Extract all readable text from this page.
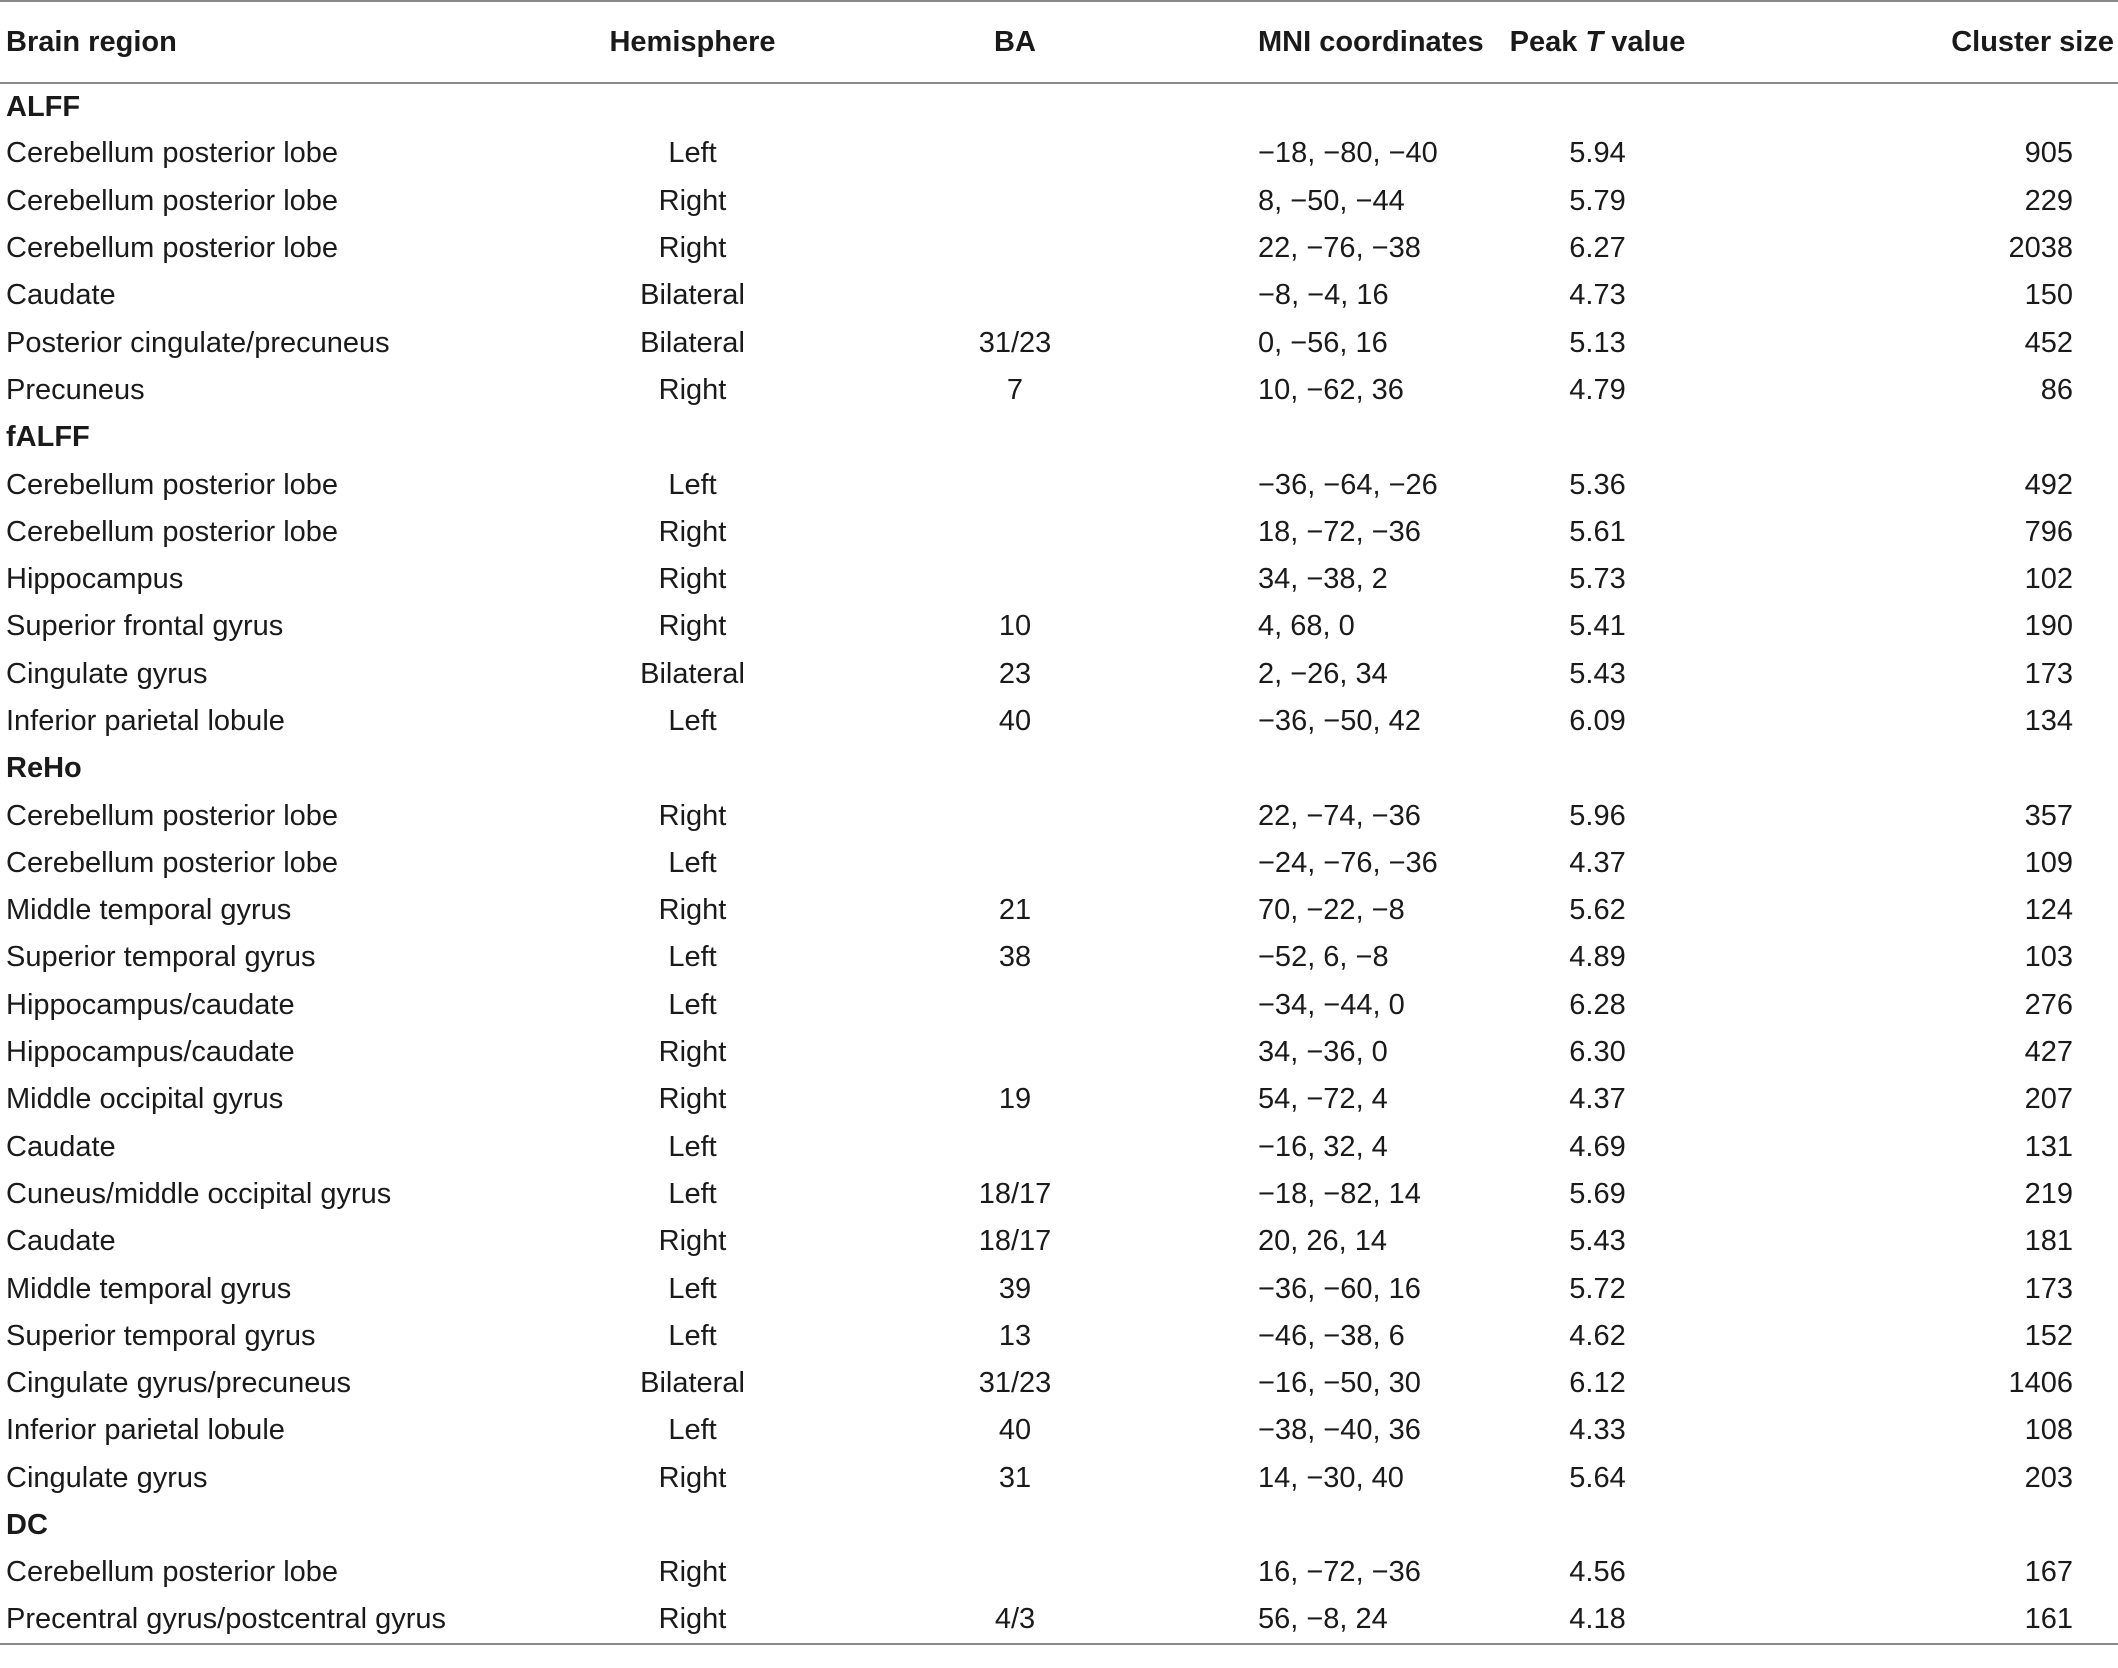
Brain region	Hemisphere	BA	MNI coordinates	Peak T value	Cluster size
ALFF					
Cerebellum posterior lobe	Left		−18, −80, −40	5.94	905
Cerebellum posterior lobe	Right		8, −50, −44	5.79	229
Cerebellum posterior lobe	Right		22, −76, −38	6.27	2038
Caudate	Bilateral		−8, −4, 16	4.73	150
Posterior cingulate/precuneus	Bilateral	31/23	0, −56, 16	5.13	452
Precuneus	Right	7	10, −62, 36	4.79	86
fALFF					
Cerebellum posterior lobe	Left		−36, −64, −26	5.36	492
Cerebellum posterior lobe	Right		18, −72, −36	5.61	796
Hippocampus	Right		34, −38, 2	5.73	102
Superior frontal gyrus	Right	10	4, 68, 0	5.41	190
Cingulate gyrus	Bilateral	23	2, −26, 34	5.43	173
Inferior parietal lobule	Left	40	−36, −50, 42	6.09	134
ReHo					
Cerebellum posterior lobe	Right		22, −74, −36	5.96	357
Cerebellum posterior lobe	Left		−24, −76, −36	4.37	109
Middle temporal gyrus	Right	21	70, −22, −8	5.62	124
Superior temporal gyrus	Left	38	−52, 6, −8	4.89	103
Hippocampus/caudate	Left		−34, −44, 0	6.28	276
Hippocampus/caudate	Right		34, −36, 0	6.30	427
Middle occipital gyrus	Right	19	54, −72, 4	4.37	207
Caudate	Left		−16, 32, 4	4.69	131
Cuneus/middle occipital gyrus	Left	18/17	−18, −82, 14	5.69	219
Caudate	Right	18/17	20, 26, 14	5.43	181
Middle temporal gyrus	Left	39	−36, −60, 16	5.72	173
Superior temporal gyrus	Left	13	−46, −38, 6	4.62	152
Cingulate gyrus/precuneus	Bilateral	31/23	−16, −50, 30	6.12	1406
Inferior parietal lobule	Left	40	−38, −40, 36	4.33	108
Cingulate gyrus	Right	31	14, −30, 40	5.64	203
DC					
Cerebellum posterior lobe	Right		16, −72, −36	4.56	167
Precentral gyrus/postcentral gyrus	Right	4/3	56, −8, 24	4.18	161
